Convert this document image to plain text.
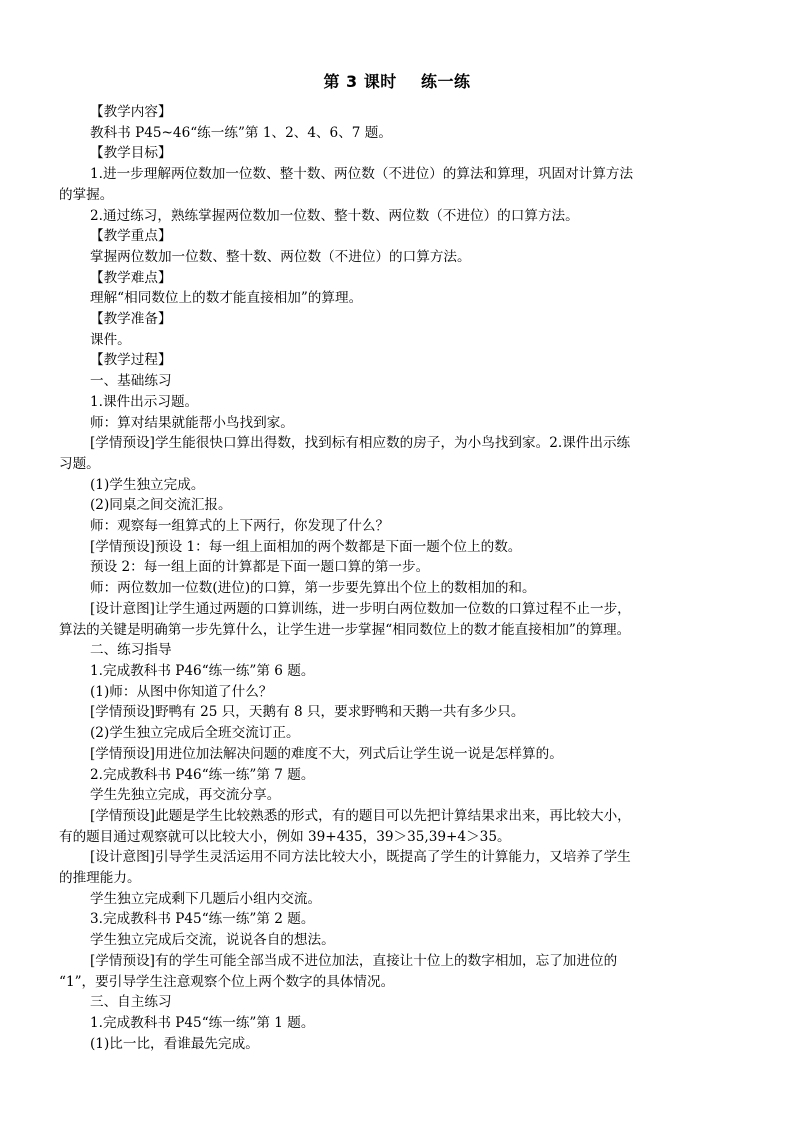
第 3 课时    练一练
【教学内容】
教科书 P45~46“练一练”第 1、2、4、6、7 题。
【教学目标】
1.进一步理解两位数加一位数、整十数、两位数（不进位）的算法和算理，巩固对计算方法
的掌握。
2.通过练习，熟练掌握两位数加一位数、整十数、两位数（不进位）的口算方法。
【教学重点】
掌握两位数加一位数、整十数、两位数（不进位）的口算方法。
【教学难点】
理解“相同数位上的数才能直接相加”的算理。
【教学准备】
课件。
【教学过程】
一、基础练习
1.课件出示习题。
师：算对结果就能帮小鸟找到家。
[学情预设]学生能很快口算出得数，找到标有相应数的房子，为小鸟找到家。2.课件出示练
习题。
(1)学生独立完成。
(2)同桌之间交流汇报。
师：观察每一组算式的上下两行，你发现了什么？
[学情预设]预设 1：每一组上面相加的两个数都是下面一题个位上的数。
预设 2：每一组上面的计算都是下面一题口算的第一步。
师：两位数加一位数(进位)的口算，第一步要先算出个位上的数相加的和。
[设计意图]让学生通过两题的口算训练，进一步明白两位数加一位数的口算过程不止一步，
算法的关键是明确第一步先算什么，让学生进一步掌握“相同数位上的数才能直接相加”的算理。
二、练习指导
1.完成教科书 P46“练一练”第 6 题。
(1)师：从图中你知道了什么？
[学情预设]野鸭有 25 只，天鹅有 8 只，要求野鸭和天鹅一共有多少只。
(2)学生独立完成后全班交流订正。
[学情预设]用进位加法解决问题的难度不大，列式后让学生说一说是怎样算的。
2.完成教科书 P46“练一练”第 7 题。
学生先独立完成，再交流分享。
[学情预设]此题是学生比较熟悉的形式，有的题目可以先把计算结果求出来，再比较大小，
有的题目通过观察就可以比较大小，例如 39+435，39＞35,39+4＞35。
[设计意图]引导学生灵活运用不同方法比较大小，既提高了学生的计算能力，又培养了学生
的推理能力。
学生独立完成剩下几题后小组内交流。
3.完成教科书 P45“练一练”第 2 题。
学生独立完成后交流，说说各自的想法。
[学情预设]有的学生可能全部当成不进位加法，直接让十位上的数字相加，忘了加进位的
“1”，要引导学生注意观察个位上两个数字的具体情况。
三、自主练习
1.完成教科书 P45“练一练”第 1 题。
(1)比一比，看谁最先完成。
